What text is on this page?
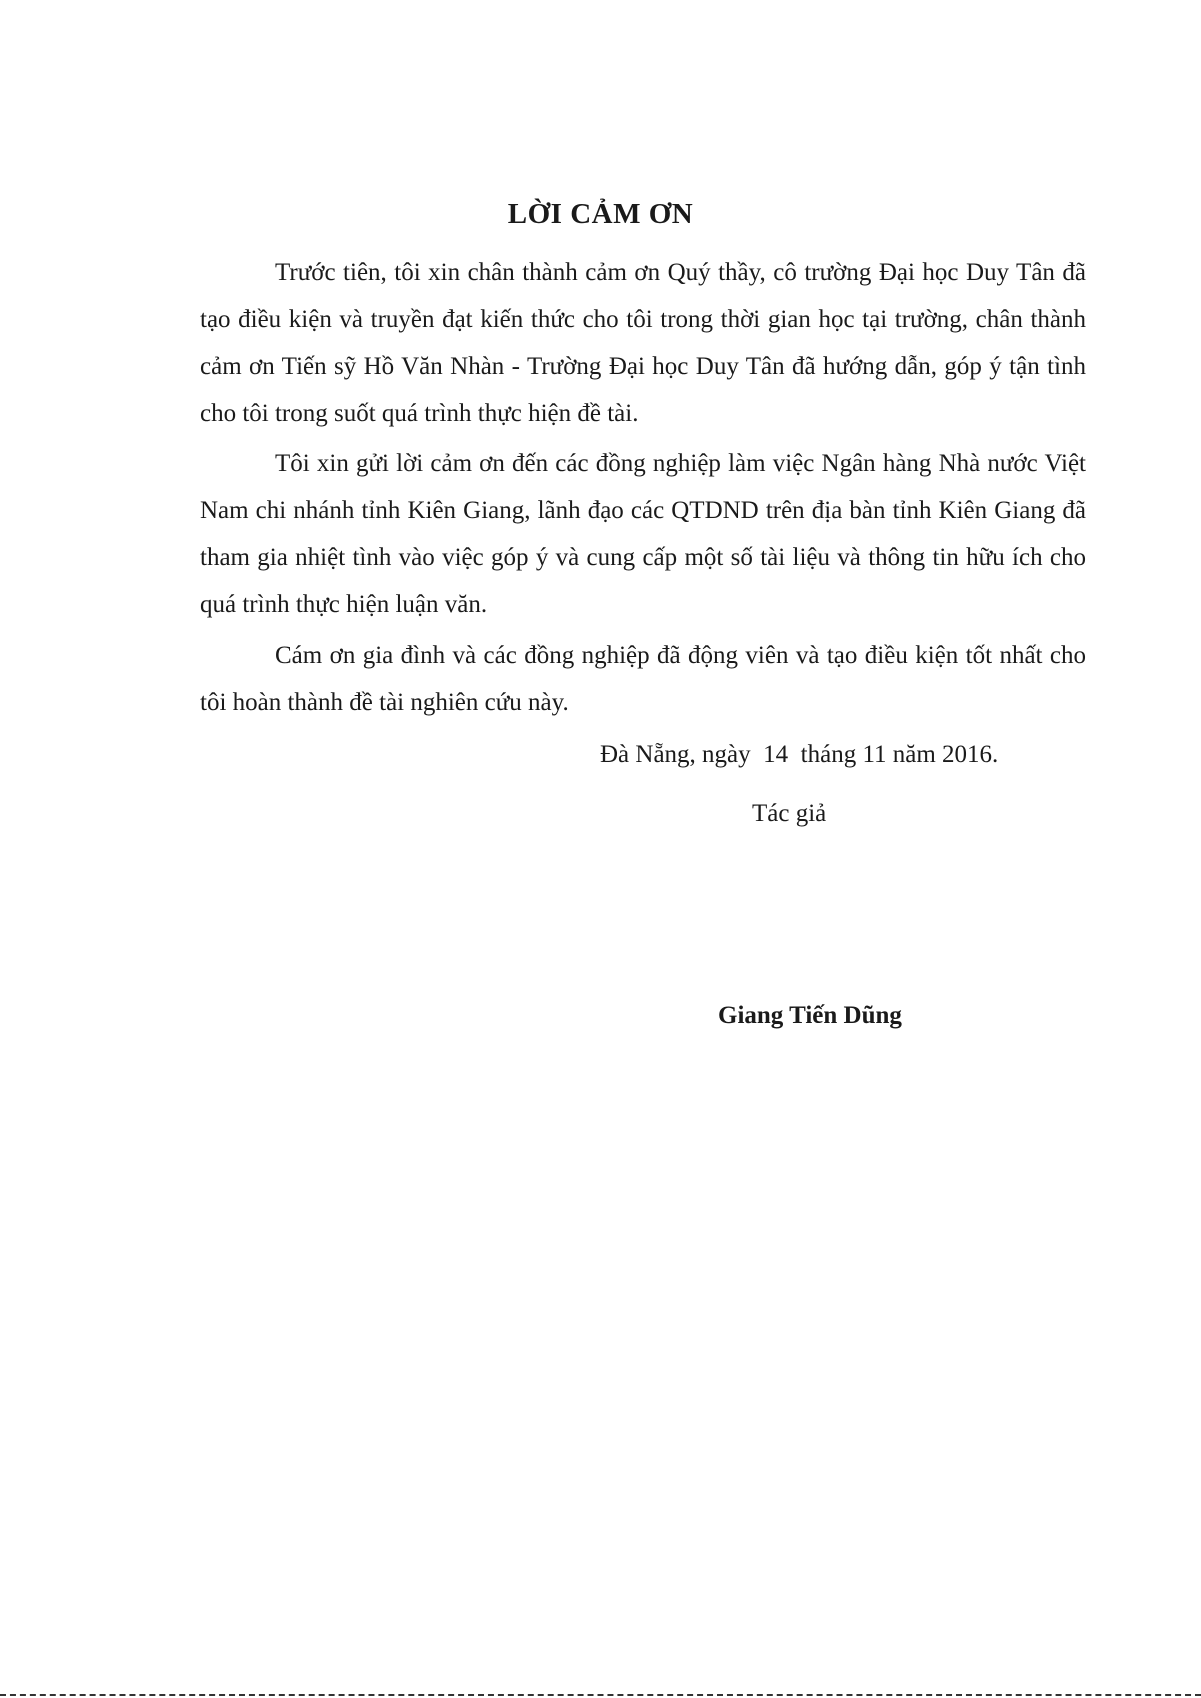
LỜI CẢM ƠN

Trước tiên, tôi xin chân thành cảm ơn Quý thầy, cô trường Đại học Duy Tân đã tạo điều kiện và truyền đạt kiến thức cho tôi trong thời gian học tại trường, chân thành cảm ơn Tiến sỹ Hồ Văn Nhàn - Trường Đại học Duy Tân đã hướng dẫn, góp ý tận tình cho tôi trong suốt quá trình thực hiện đề tài.

Tôi xin gửi lời cảm ơn đến các đồng nghiệp làm việc Ngân hàng Nhà nước Việt Nam chi nhánh tỉnh Kiên Giang, lãnh đạo các QTDND trên địa bàn tỉnh Kiên Giang đã tham gia nhiệt tình vào việc góp ý và cung cấp một số tài liệu và thông tin hữu ích cho quá trình thực hiện luận văn.

Cám ơn gia đình và các đồng nghiệp đã động viên và tạo điều kiện tốt nhất cho tôi hoàn thành đề tài nghiên cứu này.

Đà Nẵng, ngày  14  tháng 11 năm 2016.

Tác giả

Giang Tiến Dũng
